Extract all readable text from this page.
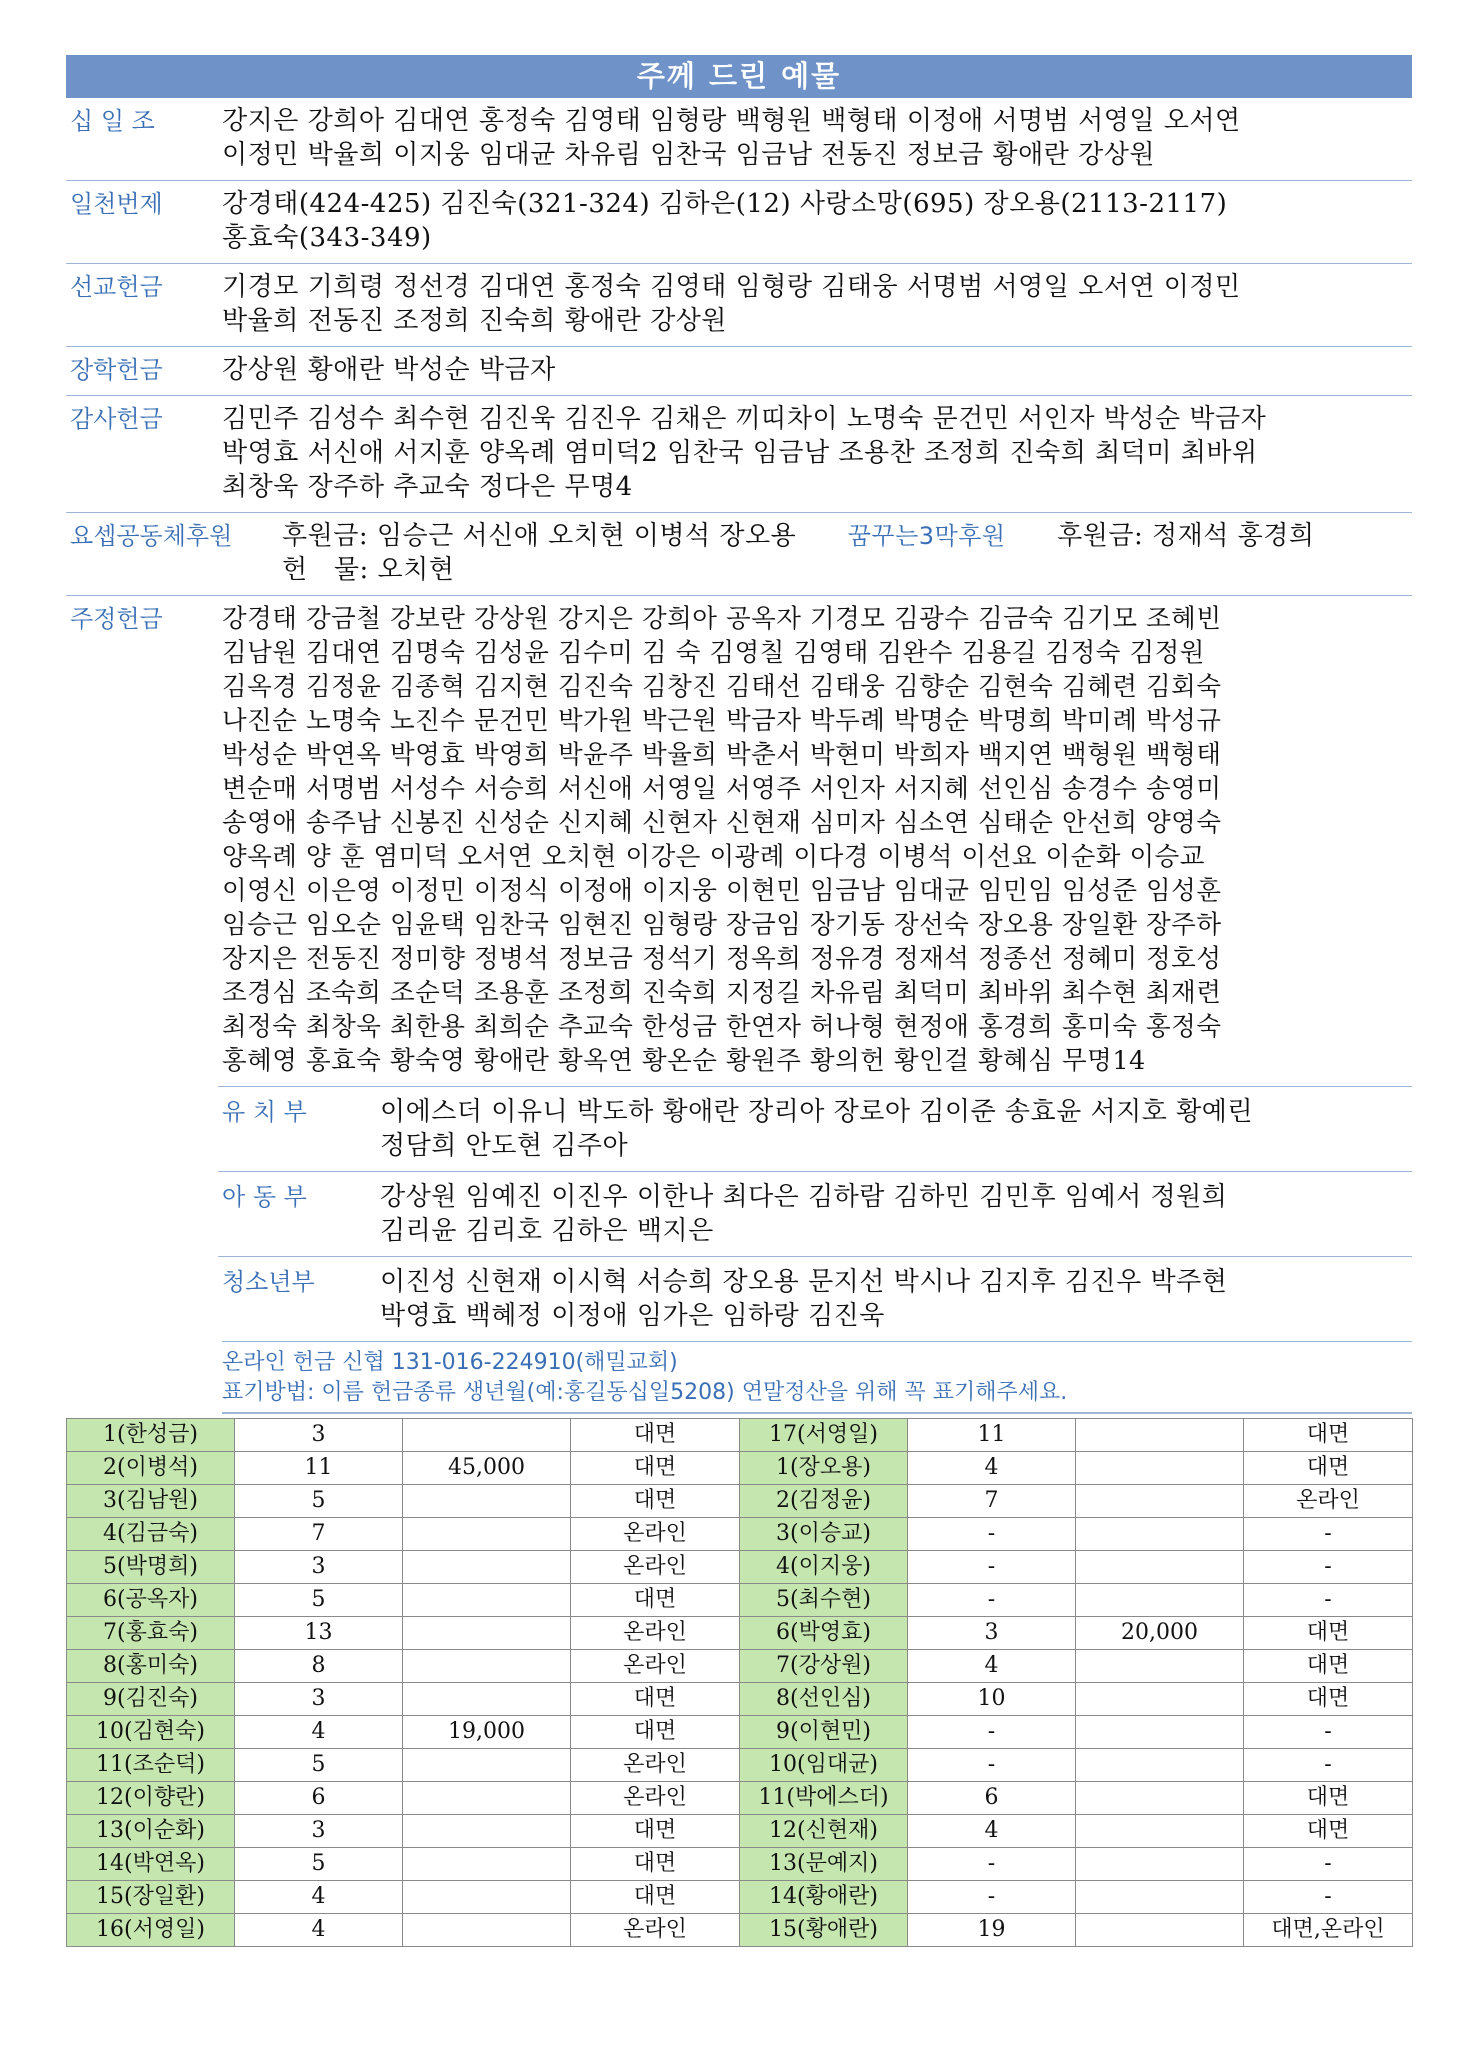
주께 드린 예물
십 일 조	강지은 강희아 김대연 홍정숙 김영태 임형랑 백형원 백형태 이정애 서명범 서영일 오서연
이정민 박율희 이지웅 임대균 차유림 임찬국 임금남 전동진 정보금 황애란 강상원
일천번제	강경태(424-425) 김진숙(321-324) 김하은(12) 사랑소망(695) 장오용(2113-2117)
홍효숙(343-349)
선교헌금	기경모 기희령 정선경 김대연 홍정숙 김영태 임형랑 김태웅 서명범 서영일 오서연 이정민
박율희 전동진 조정희 진숙희 황애란 강상원
장학헌금	강상원 황애란 박성순 박금자
감사헌금	김민주 김성수 최수현 김진욱 김진우 김채은 끼띠차이 노명숙 문건민 서인자 박성순 박금자
박영효 서신애 서지훈 양옥례 염미덕2 임찬국 임금남 조용찬 조정희 진숙희 최덕미 최바위
최창욱 장주하 추교숙 정다은 무명4
요셉공동체후원	후원금: 임승근 서신애 오치현 이병석 장오용 꿈꾸는3막후원 후원금: 정재석 홍경희
헌   물: 오치현
주정헌금	강경태 강금철 강보란 강상원 강지은 강희아 공옥자 기경모 김광수 김금숙 김기모 조혜빈
김남원 김대연 김명숙 김성윤 김수미 김 숙 김영칠 김영태 김완수 김용길 김정숙 김정원
김옥경 김정윤 김종혁 김지현 김진숙 김창진 김태선 김태웅 김향순 김현숙 김혜련 김회숙
나진순 노명숙 노진수 문건민 박가원 박근원 박금자 박두례 박명순 박명희 박미례 박성규
박성순 박연옥 박영효 박영희 박윤주 박율희 박춘서 박현미 박희자 백지연 백형원 백형태
변순매 서명범 서성수 서승희 서신애 서영일 서영주 서인자 서지혜 선인심 송경수 송영미
송영애 송주남 신봉진 신성순 신지혜 신현자 신현재 심미자 심소연 심태순 안선희 양영숙
양옥례 양 훈 염미덕 오서연 오치현 이강은 이광례 이다경 이병석 이선요 이순화 이승교
이영신 이은영 이정민 이정식 이정애 이지웅 이현민 임금남 임대균 임민임 임성준 임성훈
임승근 임오순 임윤택 임찬국 임현진 임형랑 장금임 장기동 장선숙 장오용 장일환 장주하
장지은 전동진 정미향 정병석 정보금 정석기 정옥희 정유경 정재석 정종선 정혜미 정호성
조경심 조숙희 조순덕 조용훈 조정희 진숙희 지정길 차유림 최덕미 최바위 최수현 최재련
최정숙 최창욱 최한용 최희순 추교숙 한성금 한연자 허나형 현정애 홍경희 홍미숙 홍정숙
홍혜영 홍효숙 황숙영 황애란 황옥연 황온순 황원주 황의헌 황인걸 황혜심 무명14
유 치 부	이에스더 이유니 박도하 황애란 장리아 장로아 김이준 송효윤 서지호 황예린
정담희 안도현 김주아
아 동 부	강상원 임예진 이진우 이한나 최다은 김하람 김하민 김민후 임예서 정원희
김리윤 김리호 김하은 백지은
청소년부	이진성 신현재 이시혁 서승희 장오용 문지선 박시나 김지후 김진우 박주현
박영효 백혜정 이정애 임가은 임하랑 김진욱
온라인 헌금 신협 131-016-224910(해밀교회)
표기방법: 이름 헌금종류 생년월(예:홍길동십일5208) 연말정산을 위해 꼭 표기해주세요.
1(한성금)	3		대면	17(서영일)	11		대면
2(이병석)	11	45,000	대면	1(장오용)	4		대면
3(김남원)	5		대면	2(김정윤)	7		온라인
4(김금숙)	7		온라인	3(이승교)	-		-
5(박명희)	3		온라인	4(이지웅)	-		-
6(공옥자)	5		대면	5(최수현)	-		-
7(홍효숙)	13		온라인	6(박영효)	3	20,000	대면
8(홍미숙)	8		온라인	7(강상원)	4		대면
9(김진숙)	3		대면	8(선인심)	10		대면
10(김현숙)	4	19,000	대면	9(이현민)	-		-
11(조순덕)	5		온라인	10(임대균)	-		-
12(이향란)	6		온라인	11(박에스더)	6		대면
13(이순화)	3		대면	12(신현재)	4		대면
14(박연옥)	5		대면	13(문예지)	-		-
15(장일환)	4		대면	14(황애란)	-		-
16(서영일)	4		온라인	15(황애란)	19		대면,온라인
